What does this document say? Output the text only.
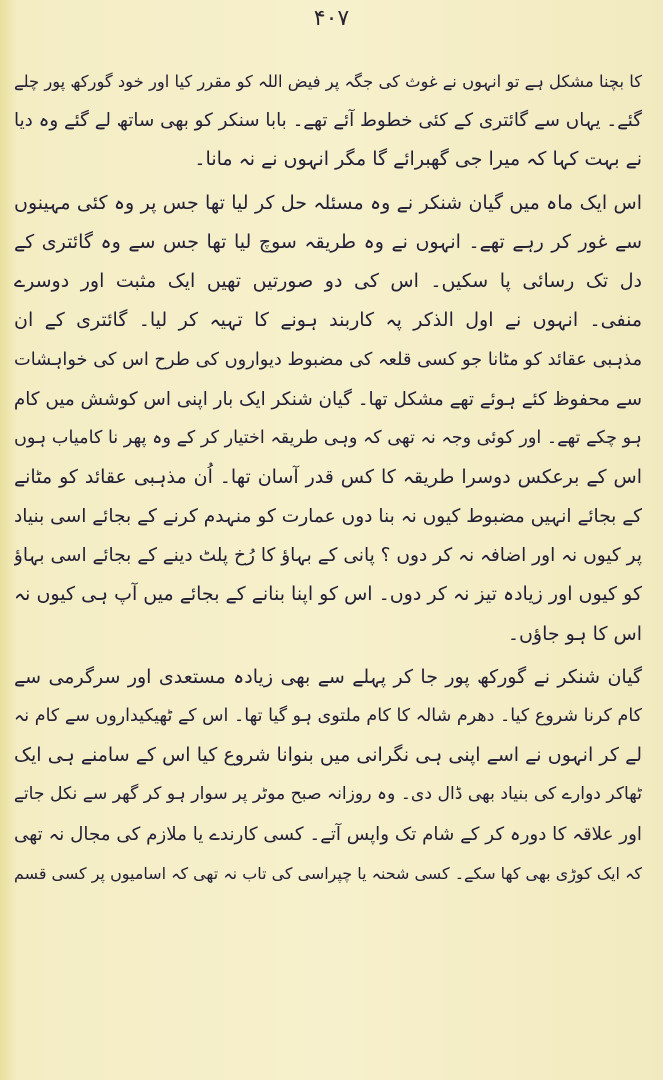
۴۰۷
کا بچنا مشکل ہے تو انہوں نے غوث کی جگہ پر فیض اللہ کو مقرر کیا اور خود گورکھ پور چلے
گئے۔ یہاں سے گائتری کے کئی خطوط آئے تھے۔ بابا سنکر کو بھی ساتھ لے گئے وہ دیا
نے بہت کہا کہ میرا جی گھبرائے گا مگر انہوں نے نہ مانا۔
اس ایک ماہ میں گیان شنکر نے وہ مسئلہ حل کر لیا تھا جس پر وہ کئی مہینوں
سے غور کر رہے تھے۔ انہوں نے وہ طریقہ سوچ لیا تھا جس سے وہ گائتری کے
دل تک رسائی پا سکیں۔ اس کی دو صورتیں تھیں ایک مثبت اور دوسرے
منفی۔ انہوں نے اول الذکر پہ کاربند ہونے کا تہیہ کر لیا۔ گائتری کے ان
مذہبی عقائد کو مٹانا جو کسی قلعہ کی مضبوط دیواروں کی طرح اس کی خواہشات
سے محفوظ کئے ہوئے تھے مشکل تھا۔ گیان شنکر ایک بار اپنی اس کوشش میں کام
ہو چکے تھے۔ اور کوئی وجہ نہ تھی کہ وہی طریقہ اختیار کر کے وہ پھر نا کامیاب ہوں
اس کے برعکس دوسرا طریقہ کا کس قدر آسان تھا۔ اُن مذہبی عقائد کو مٹانے
کے بجائے انہیں مضبوط کیوں نہ بنا دوں عمارت کو منہدم کرنے کے بجائے اسی بنیاد
پر کیوں نہ اور اضافہ نہ کر دوں ؟ پانی کے بہاؤ کا رُخ پلٹ دینے کے بجائے اسی بہاؤ
کو کیوں اور زیادہ تیز نہ کر دوں۔ اس کو اپنا بنانے کے بجائے میں آپ ہی کیوں نہ
اس کا ہو جاؤں۔
گیان شنکر نے گورکھ پور جا کر پہلے سے بھی زیادہ مستعدی اور سرگرمی سے
کام کرنا شروع کیا۔ دھرم شالہ کا کام ملتوی ہو گیا تھا۔ اس کے ٹھیکیداروں سے کام نہ
لے کر انہوں نے اسے اپنی ہی نگرانی میں بنوانا شروع کیا اس کے سامنے ہی ایک
ٹھاکر دوارے کی بنیاد بھی ڈال دی۔ وہ روزانہ صبح موٹر پر سوار ہو کر گھر سے نکل جاتے
اور علاقہ کا دورہ کر کے شام تک واپس آتے۔ کسی کارندے یا ملازم کی مجال نہ تھی
کہ ایک کوڑی بھی کھا سکے۔ کسی شحنہ یا چپراسی کی تاب نہ تھی کہ اسامیوں پر کسی قسم
